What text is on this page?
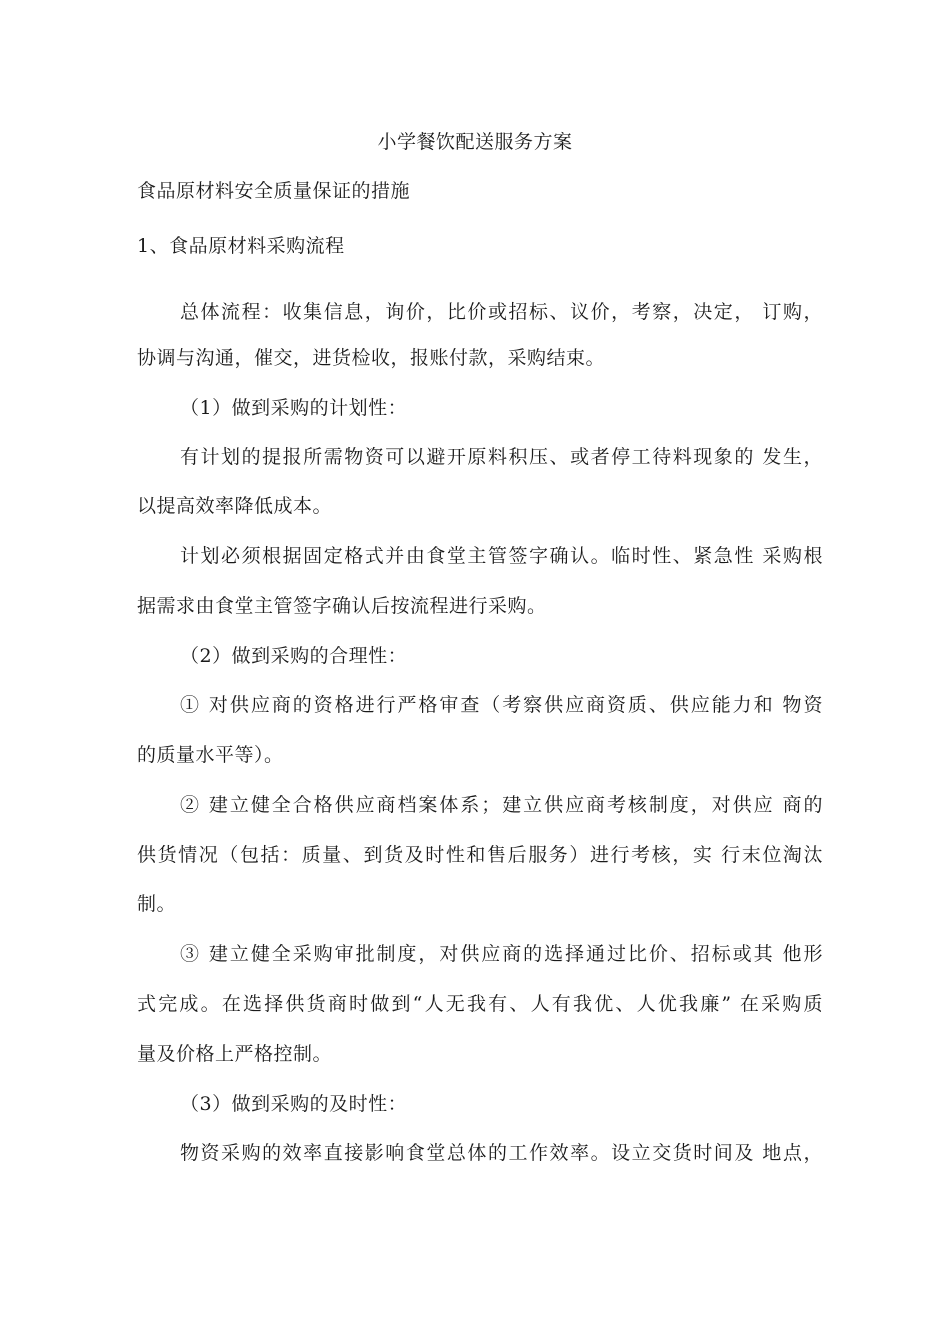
小学餐饮配送服务方案
食品原材料安全质量保证的措施
1、食品原材料采购流程
总体流程：收集信息，询价，比价或招标、议价，考察，决定， 订购，
协调与沟通，催交，进货检收，报账付款，采购结束。
（1）做到采购的计划性：
有计划的提报所需物资可以避开原料积压、或者停工待料现象的 发生，
以提高效率降低成本。
计划必须根据固定格式并由食堂主管签字确认。临时性、紧急性 采购根
据需求由食堂主管签字确认后按流程进行采购。
（2）做到采购的合理性：
① 对供应商的资格进行严格审查（考察供应商资质、供应能力和 物资
的质量水平等）。
② 建立健全合格供应商档案体系；建立供应商考核制度，对供应 商的
供货情况（包括：质量、到货及时性和售后服务）进行考核，实 行末位淘汰
制。
③ 建立健全采购审批制度，对供应商的选择通过比价、招标或其 他形
式完成。在选择供货商时做到“人无我有、人有我优、人优我廉” 在采购质
量及价格上严格控制。
（3）做到采购的及时性：
物资采购的效率直接影响食堂总体的工作效率。设立交货时间及 地点，
